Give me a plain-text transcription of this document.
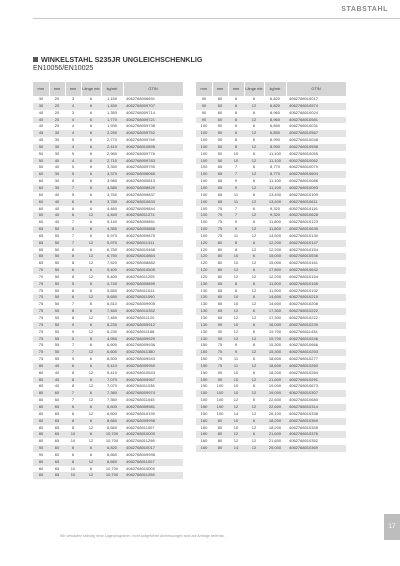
STABSTAHL
WINKELSTAHL S235JR UNGLEICHSCHENKLIG
EN10056/EN10025
mm	mm	mm	Länge mtr	kg/mtr	GTIN
30	20	3	6	1,150	4062768006691
30	20	4	6	1,450	4062768009707
40	20	3	6	1,350	4062768009714
40	20	4	6	1,770	4062768009721
40	25	4	6	1,930	4062768009738
45	30	4	6	2,250	4062768009752
45	30	5	6	2,770	4062768009769
50	30	4	6	2,410	4062768010895
50	30	5	6	2,960	4062768009776
50	40	4	6	2,710	4062768009783
50	40	5	6	3,350	4062768009790
60	30	5	6	3,370	4062768008065
60	30	6	6	3,980	4062768000813
60	30	7	6	4,580	4062768008820
60	40	5	6	3,760	4062768009837
60	40	6	6	3,780	4062768010833
60	40	6	6	4,460	4062768009844
60	40	6	12	4,460	4062768011274
60	40	7	6	5,140	4062768009851
65	50	5	6	4,350	4062768009868
65	50	7	6	5,970	4062768009875
65	50	7	12	5,970	4062768011311
65	50	8	6	6,750	4062768010468
65	50	8	12	6,750	4062768010864
65	50	8	12	7,520	4062768008882
70	50	6	6	5,400	4062768010505
70	50	6	12	5,400	4062768011205
75	50	5	6	4,740	4062768009899
75	50	6	6	5,650	4062768011014
75	50	6	12	5,650	4062768011090
75	50	7	6	6,510	4062768009905
75	50	8	6	7,460	4062768010352
75	50	8	12	7,460	4062768011120
75	50	9	6	8,230	4062768009912
75	50	9	12	8,230	4062768011168
75	55	5	6	4,950	4062768009929
75	55	7	6	6,600	4062768009936
75	55	7	12	6,600	4062768011380
75	55	9	6	8,500	4062768009943
80	40	6	6	5,410	4062768009950
80	40	6	12	5,410	4062768010543
80	40	8	6	7,070	4062768009967
80	40	8	12	7,070	4062768011038
80	60	7	6	7,360	4062768009974
80	60	7	12	7,360	4062768011045
80	65	6	6	6,600	4062768009981
80	65	6	12	6,600	4062768010190
80	65	8	6	8,660	4062768009998
80	65	8	12	8,660	4062768011007
80	65	10	6	10,700	4062768010000
80	65	10	12	10,700	4062768011298
90	60	6	6	6,820	4062768010017
90	60	6	6	8,660	4062768009998
80	65	8	12	8,660	4062768011007
80	65	10	6	10,700	4062768010000
80	65	10	12	10,700	4062768011298
mm	mm	mm	Länge mtr	kg/mtr	GTIN
90	60	6	6	6,820	4062768010017
90	60	6	12	6,820	4062768010574
90	60	8	6	8,960	4062768010024
90	60	8	12	8,960	4062768010581
100	50	6	6	6,850	4062768010031
100	50	6	12	6,850	4062768010567
100	50	8	6	8,990	4062768010048
100	50	8	12	8,990	4062768010598
100	50	10	6	11,100	4062768010055
100	50	10	12	11,100	4062768010062
100	65	7	6	8,770	4062768010079
100	65	7	12	8,770	4062768010604
100	65	9	6	11,100	4062768010086
100	65	9	12	11,100	4062768010093
100	65	11	6	13,400	4062768010109
100	65	11	12	13,400	4062768010611
100	75	7	6	9,320	4062768010116
100	75	7	12	9,320	4062768010628
100	75	9	6	11,800	4062768010123
100	75	9	12	11,800	4062768010635
100	75	11	12	14,500	4062768010130
120	80	8	6	12,200	4062768010147
120	80	8	12	12,200	4062768010154
120	80	10	6	15,000	4062768010536
120	80	10	12	15,000	4062768010161
120	80	12	6	17,800	4062768010642
120	80	12	12	12,200	4062768010154
130	65	8	6	11,500	4062768010165
130	65	8	12	11,500	4062768010192
130	65	10	6	14,600	4062768010215
130	65	10	12	14,600	4062768010208
130	65	12	6	17,300	4062768010222
130	65	12	12	17,300	4062768010222
130	90	10	6	16,000	4062768010239
130	90	12	6	19,700	4062768011434
130	90	12	12	19,700	4062768010246
150	75	9	6	15,300	4062768010666
150	75	9	12	15,300	4062768010253
150	75	11	6	18,600	4062768010277
150	75	11	12	18,600	4062768010260
150	90	10	6	18,200	4062768010284
150	90	10	12	21,600	4062768010291
150	100	10	6	19,000	4062768010673
150	100	10	12	19,000	4062768010307
150	100	12	6	22,600	4062768010680
150	100	12	12	22,600	4062768010314
150	100	14	12	26,100	4062768010338
160	80	10	6	18,200	4062768010369
160	80	10	12	18,200	4062768010345
160	80	12	6	21,600	4062768010376
160	80	12	12	21,600	4062768010352
160	80	14	12	25,000	4062768010369
Wir verkaufen ständig neue Lagerprogramm, nicht aufgeführte Abmessungen sind auf Anfrage lieferbar.
17
